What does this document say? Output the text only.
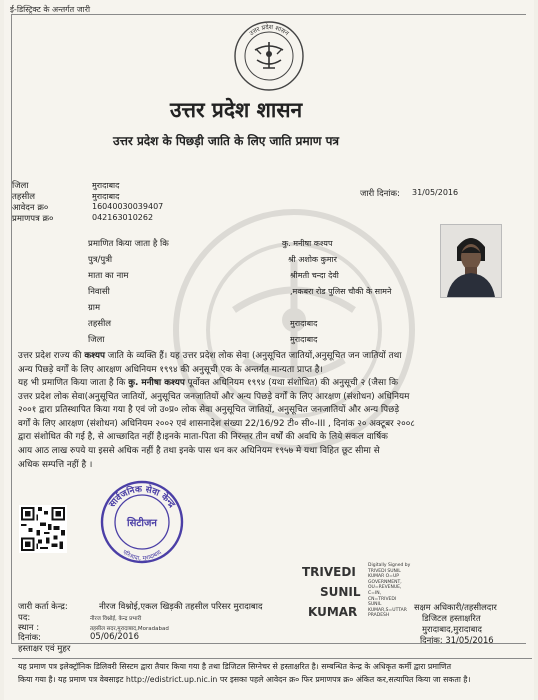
ई-डिस्ट्रिक्ट के अन्तर्गत जारी
उत्तर प्रदेश शासन
उत्तर प्रदेश शासन
उत्तर प्रदेश के पिछड़ी जाति के लिए जाति प्रमाण पत्र
जिला	मुरादाबाद
तहसील	मुरादाबाद
आवेदन क्र०	16040030039407
प्रमाणपत्र क्र०	042163010262
जारी दिनांक: 31/05/2016
प्रमाणित किया जाता है कि	कु. मनीषा कश्यप
पुत्र/पुत्री	श्री अशोक कुमार
माता का नाम	श्रीमती चन्दा देवी
निवासी	,मकबरा रोड पुलिस चौकी के सामने
ग्राम
तहसील	मुरादाबाद
जिला	मुरादाबाद
उत्तर प्रदेश राज्य की कश्यप जाति के व्यक्ति हैं। यह उत्तर प्रदेश लोक सेवा (अनुसूचित जातियों,अनुसूचित जन जातियों तथा
अन्य पिछड़े वर्गों के लिए आरक्षण अधिनियम १९९४ की अनुसूची एक के अन्तर्गत मान्यता प्राप्त है।
यह भी प्रमाणित किया जाता है कि कु. मनीषा कश्यप पूर्वोक्त अधिनियम १९९४ (यथा संशोधित) की अनुसूची २ (जैसा कि
उत्तर प्रदेश लोक सेवा(अनुसूचित जातियों, अनुसूचित जनजातियों और अन्य पिछड़े वर्गों के लिए आरक्षण (संशोधन) अधिनियम
२००१ द्वारा प्रतिस्थापित किया गया है एवं जो उ०प्र० लोक सेवा अनुसूचित जातियों, अनुसूचित जनजातियों और अन्य पिछड़े
वर्गों के लिए आरक्षण (संशोधन) अधिनियम २००२ एवं शासनादेश संख्या 22/16/92 टी० सी०-III , दिनांक २० अक्टूबर २००८
द्वारा संशोधित की गई है, से आच्छादित नहीं है।इनके माता-पिता की निरन्तर तीन वर्षों की अवधि के लिये सकल वार्षिक
आय आठ लाख रुपये या इससे अधिक नहीं है तथा इनके पास धन कर अधिनियम १९५७ मे यथा विहित छूट सीमा से
अधिक सम्पत्ति नहीं है ।
सार्वजनिक सेवा केन्द्र
सिटीजन
परिजादा, मुरादाबाद
TRIVEDI
SUNIL
KUMAR
Digitally Signed by
TRIVEDI SUNIL
KUMAR O=UP
GOVERNMENT,
OU=REVENUE,
C=IN,
CN=TRIVEDI
SUNIL
KUMAR,S=UTTAR
PRADESH
सक्षम अधिकारी/तहसीलदार
डिजिटल हस्ताक्षरित
मुरादाबाद,मुरादाबाद
दिनांक: 31/05/2016
जारी कर्ता केन्द्र:	नीरज विश्नोई,एकल खिड़की तहसील परिसर मुरादाबाद
पद:	नीरज विश्नोई, केन्द्र प्रभारी
स्थान :	तहसील सदर,मुरादाबाद,Moradabad
दिनांक:	05/06/2016
हस्ताक्षर एवं मुहर
यह प्रमाण पत्र इलेक्ट्रॉनिक डिलिवरी सिस्टम द्वारा तैयार किया गया है तथा डिजिटल सिग्नेचर से हस्ताक्षरित है। सम्बन्धित केन्द्र के अधिकृत कर्मी द्वारा प्रमाणित
किया गया है। यह प्रमाण पत्र वेबसाइट http://edistrict.up.nic.in पर इसका पहले आवेदन क्र० फिर प्रमाणपत्र क्र० अंकित कर,सत्यापित किया जा सकता है।
